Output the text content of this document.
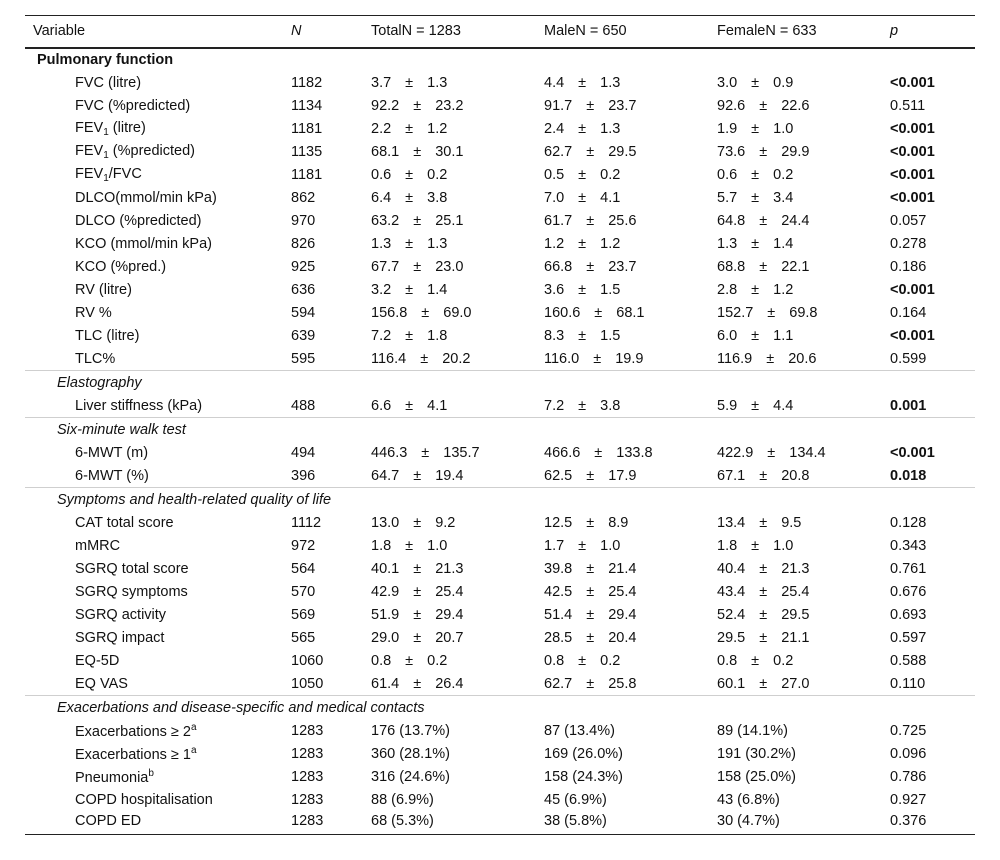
Variable	N	TotalN = 1283	MaleN = 650	FemaleN = 633	p
Pulmonary function					
FVC (litre)	1182	3.7 ± 1.3	4.4 ± 1.3	3.0 ± 0.9	<0.001
FVC (%predicted)	1134	92.2 ± 23.2	91.7 ± 23.7	92.6 ± 22.6	0.511
$FEV_1$ (litre)	1181	2.2 ± 1.2	2.4 ± 1.3	1.9 ± 1.0	<0.001
$FEV_1$ (%predicted)	1135	68.1 ± 30.1	62.7 ± 29.5	73.6 ± 29.9	<0.001
$FEV_1$/FVC	1181	0.6 ± 0.2	0.5 ± 0.2	0.6 ± 0.2	<0.001
DLCO(mmol/min kPa)	862	6.4 ± 3.8	7.0 ± 4.1	5.7 ± 3.4	<0.001
DLCO (%predicted)	970	63.2 ± 25.1	61.7 ± 25.6	64.8 ± 24.4	0.057
KCO (mmol/min kPa)	826	1.3 ± 1.3	1.2 ± 1.2	1.3 ± 1.4	0.278
KCO (%pred.)	925	67.7 ± 23.0	66.8 ± 23.7	68.8 ± 22.1	0.186
RV (litre)	636	3.2 ± 1.4	3.6 ± 1.5	2.8 ± 1.2	<0.001
RV %	594	156.8 ± 69.0	160.6 ± 68.1	152.7 ± 69.8	0.164
TLC (litre)	639	7.2 ± 1.8	8.3 ± 1.5	6.0 ± 1.1	<0.001
TLC%	595	116.4 ± 20.2	116.0 ± 19.9	116.9 ± 20.6	0.599
Elastography					
Liver stiffness (kPa)	488	6.6 ± 4.1	7.2 ± 3.8	5.9 ± 4.4	0.001
Six-minute walk test					
6-MWT (m)	494	446.3 ± 135.7	466.6 ± 133.8	422.9 ± 134.4	<0.001
6-MWT (%)	396	64.7 ± 19.4	62.5 ± 17.9	67.1 ± 20.8	0.018
Symptoms and health-related quality of life					
CAT total score	1112	13.0 ± 9.2	12.5 ± 8.9	13.4 ± 9.5	0.128
mMRC	972	1.8 ± 1.0	1.7 ± 1.0	1.8 ± 1.0	0.343
SGRQ total score	564	40.1 ± 21.3	39.8 ± 21.4	40.4 ± 21.3	0.761
SGRQ symptoms	570	42.9 ± 25.4	42.5 ± 25.4	43.4 ± 25.4	0.676
SGRQ activity	569	51.9 ± 29.4	51.4 ± 29.4	52.4 ± 29.5	0.693
SGRQ impact	565	29.0 ± 20.7	28.5 ± 20.4	29.5 ± 21.1	0.597
EQ-5D	1060	0.8 ± 0.2	0.8 ± 0.2	0.8 ± 0.2	0.588
EQ VAS	1050	61.4 ± 26.4	62.7 ± 25.8	60.1 ± 27.0	0.110
Exacerbations and disease-specific and medical contacts					
Exacerbations ≥ $2^a$	1283	176 (13.7%)	87 (13.4%)	89 (14.1%)	0.725
Exacerbations ≥ $1^a$	1283	360 (28.1%)	169 (26.0%)	191 (30.2%)	0.096
Pneumonia$^b$	1283	316 (24.6%)	158 (24.3%)	158 (25.0%)	0.786
COPD hospitalisation	1283	88 (6.9%)	45 (6.9%)	43 (6.8%)	0.927
COPD ED	1283	68 (5.3%)	38 (5.8%)	30 (4.7%)	0.376
